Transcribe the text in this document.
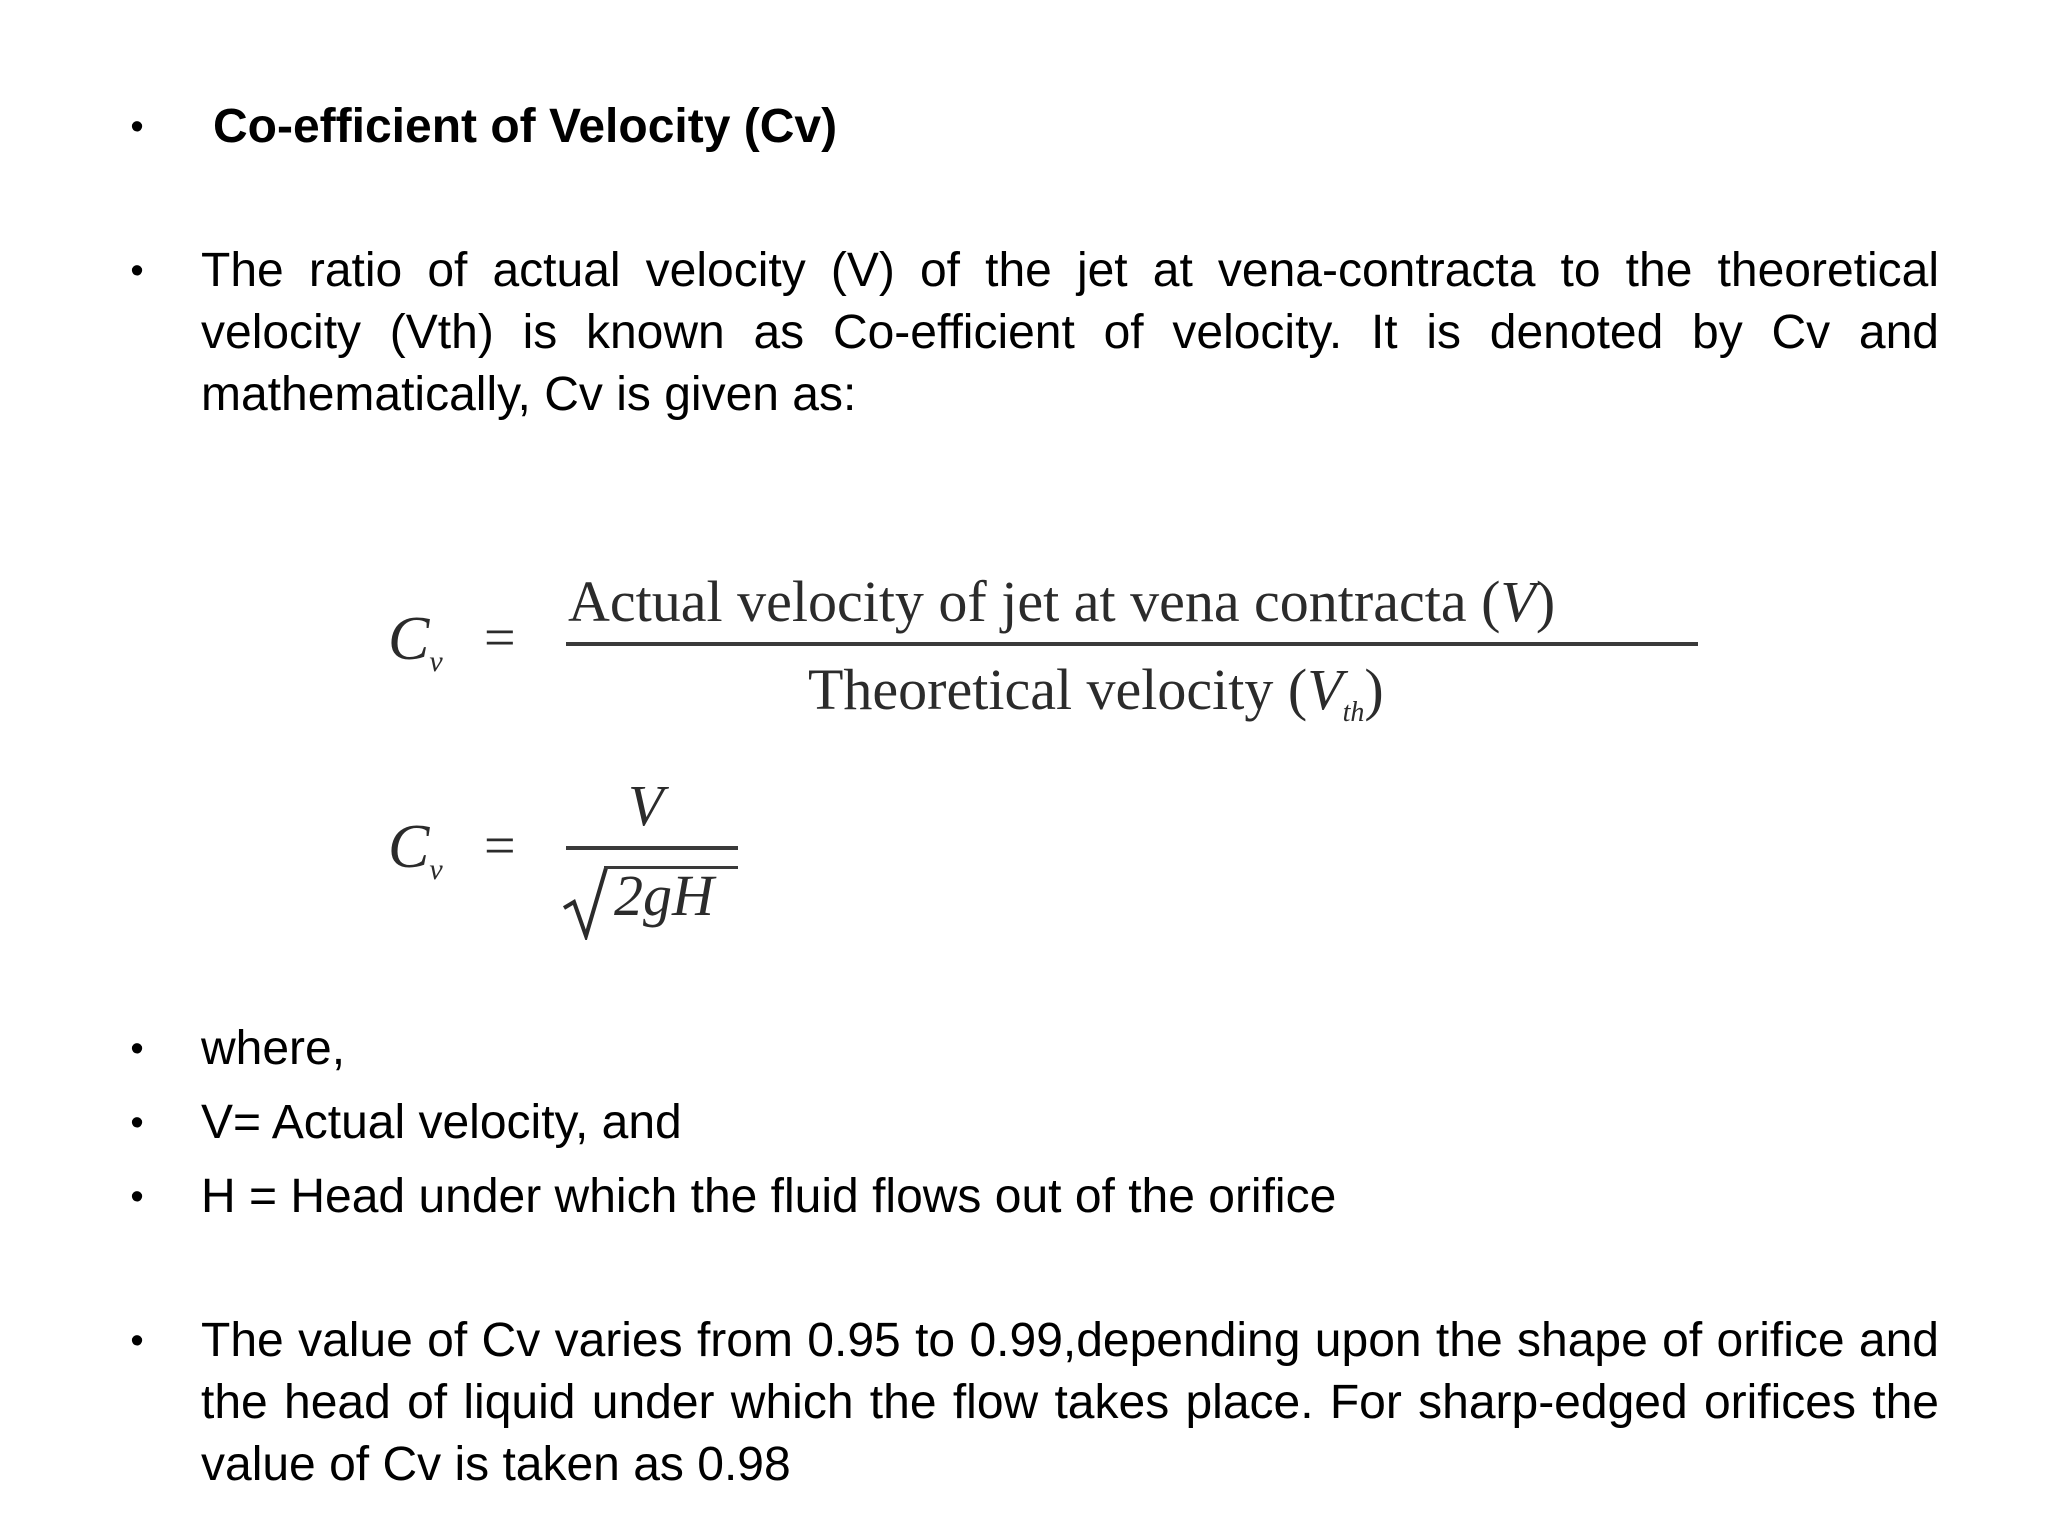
• Co-efficient of Velocity (Cv)
• The ratio of actual velocity (V) of the jet at vena-contracta to the theoretical velocity (Vth) is known as Co-efficient of velocity. It is denoted by Cv and mathematically, Cv is given as:
$C_v$ =
Actual velocity of jet at vena contracta (V)
Theoretical velocity $(V_{th})$
$C_v$ =
V
2gH
• where,
• V= Actual velocity, and
• H = Head under which the fluid flows out of the orifice
• The value of Cv varies from 0.95 to 0.99,depending upon the shape of orifice and the head of liquid under which the flow takes place. For sharp-edged orifices the value of Cv is taken as 0.98
